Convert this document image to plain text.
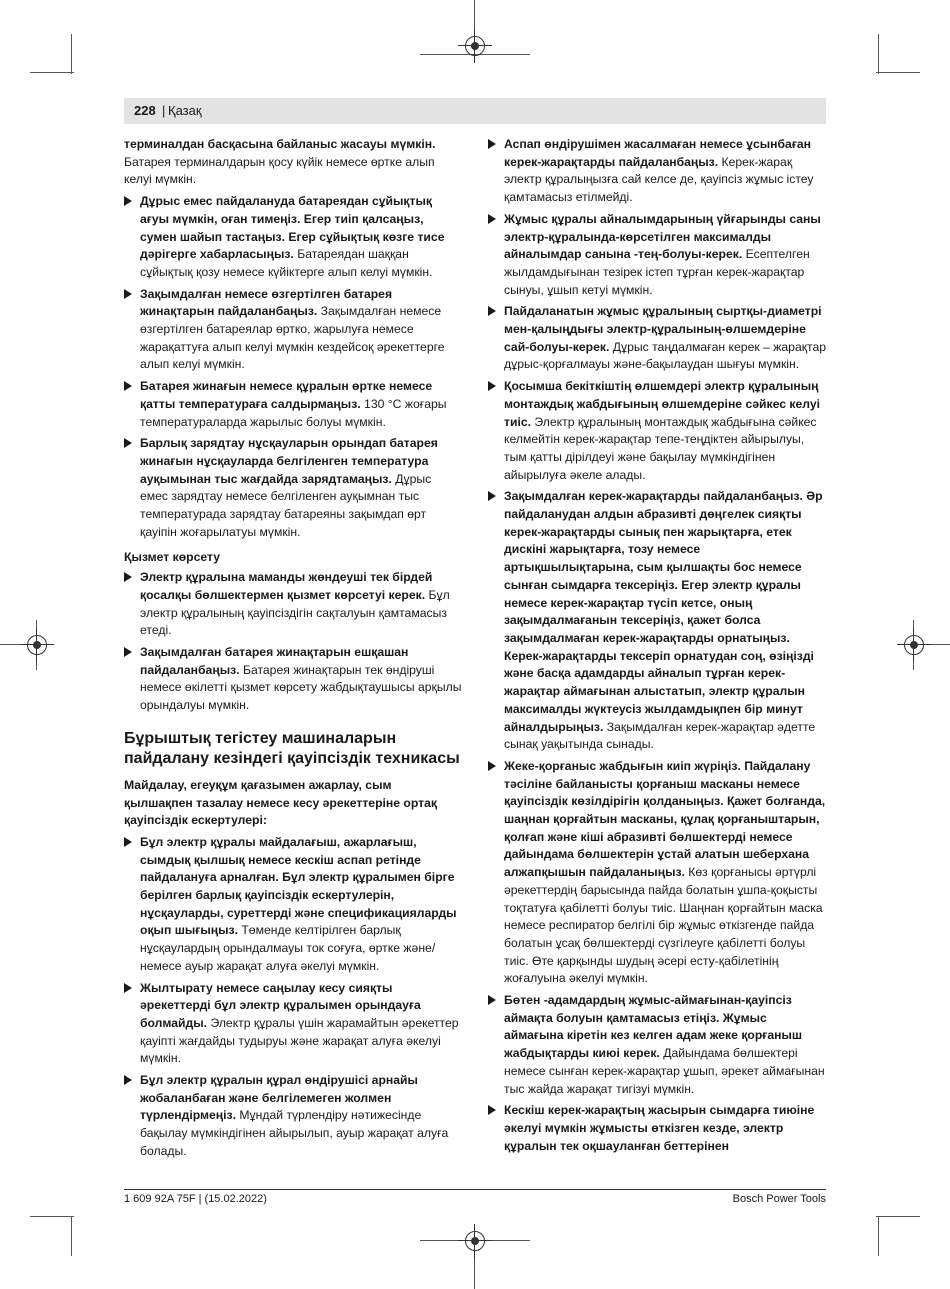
228 | Қазақ

терминалдан басқасына байланыс жасауы мүмкін. Батарея терминалдарын қосу күйік немесе өртке алып келуі мүмкін.

Дұрыс емес пайдалануда батареядан сұйықтық ағуы мүмкін, оған тимеңіз. Егер тиіп қалсаңыз, сумен шайып тастаңыз. Егер сұйықтық көзге тисе дәрігерге хабарласыңыз. Батареядан шаққан сұйықтық қозу немесе күйіктерге алып келуі мүмкін.
Зақымдалған немесе өзгертілген батарея жинақтарын пайдаланбаңыз. Зақымдалған немесе өзгертілген батареялар өртко, жарылуға немесе жарақаттуға алып келуі мүмкін кездейсоқ әрекеттерге алып келуі мүмкін.
Батарея жинағын немесе құралын өртке немесе қатты температураға салдырмаңыз. 130 °C жоғары температураларда жарылыс болуы мүмкін.
Барлық зарядтау нұсқауларын орындап батарея жинағын нұсқауларда белгіленген температура ауқымынан тыс жағдайда зарядтамаңыз. Дұрыс емес зарядтау немесе белгіленген ауқымнан тыс температурада зарядтау батареяны зақымдап өрт қауіпін жоғарылатуы мүмкін.
Қызмет көрсету
Электр құралына маманды жөндеуші тек бірдей қосалқы бөлшектермен қызмет көрсетуі керек. Бұл электр құралының қауіпсіздігін сақталуын қамтамасыз етеді.
Зақымдалған батарея жинақтарын ешқашан пайдаланбаңыз. Батарея жинақтарын тек өндіруші немесе өкілетті қызмет көрсету жабдықтаушысы арқылы орындалуы мүмкін.
Бұрыштық тегістеу машиналарын пайдалану кезіндегі қауіпсіздік техникасы
Майдалау, егеуқұм қағазымен ажарлау, сым қылшақпен тазалау немесе кесу әрекеттеріне ортақ қауіпсіздік ескертулері:
Бұл электр құралы майдалағыш, ажарлағыш, сымдық қылшық немесе кескіш аспап ретінде пайдалануға арналған. Бұл электр құралымен бірге берілген барлық қауіпсіздік ескертулерін, нұсқауларды, суреттерді және спецификацияларды оқып шығыңыз. Төменде келтірілген барлық нұсқаулардың орындалмауы ток соғуға, өртке және/немесе ауыр жарақат алуға әкелуі мүмкін.
Жылтырату немесе саңылау кесу сияқты әрекеттерді бұл электр құралымен орындауға болмайды. Электр құралы үшін жарамайтын әрекеттер қауіпті жағдайды тудыруы және жарақат алуға әкелуі мүмкін.
Бұл электр құралын құрал өндірушісі арнайы жобаланбаған және белгілемеген жолмен түрлендірмеңіз. Мұндай түрлендіру нәтижесінде бақылау мүмкіндігінен айырылып, ауыр жарақат алуға болады.
Аспап өндірушімен жасалмаған немесе ұсынбаған керек-жарақтарды пайдаланбаңыз. Керек-жарақ электр құралыңызға сай келсе де, қауіпсіз жұмыс істеу қамтамасыз етілмейді.
Жұмыс құралы айналымдарының үйғарынды саны электр-құралында-көрсетілген максималды айналымдар санына -тең-болуы-керек. Есептелген жылдамдығынан тезірек істеп тұрған керек-жарақтар сынуы, ұшып кетуі мүмкін.
Пайдаланатын жұмыс құралының сыртқы-диаметрі мен-қалыңдығы электр-құралының-өлшемдеріне сай-болуы-керек. Дұрыс таңдалмаған керек – жарақтар дұрыс-қорғалмауы және-бақылаудан шығуы мүмкін.
Қосымша бекіткіштің өлшемдері электр құралының монтаждық жабдығының өлшемдеріне сәйкес келуі тиіс. Электр құралының монтаждық жабдығына сәйкес келмейтін керек-жарақтар тепе-теңдіктен айырылуы, тым қатты дірілдеуі және бақылау мүмкіндігінен айырылуға әкеле алады.
Зақымдалған керек-жарақтарды пайдаланбаңыз. Әр пайдаланудан алдын абразивті дөңгелек сияқты керек-жарақтарды сынық пен жарықтарға, етек дискіні жарықтарға, тозу немесе артықшылықтарына, сым қылшақты бос немесе сынған сымдарға тексеріңіз. Егер электр құралы немесе керек-жарақтар түсіп кетсе, оның зақымдалмағанын тексеріңіз, қажет болса зақымдалмаған керек-жарақтарды орнатыңыз. Керек-жарақтарды тексеріп орнатудан соң, өзіңізді және басқа адамдарды айналып тұрған керек-жарақтар аймағынан алыстатып, электр құралын максималды жүктеусіз жылдамдықпен бір минут айналдырыңыз. Зақымдалған керек-жарақтар әдетте сынақ уақытында сынады.
Жеке-қорғаныс жабдығын киіп жүріңіз. Пайдалану тәсіліне байланысты қорғаныш масканы немесе қауіпсіздік көзілдірігін қолданыңыз. Қажет болғанда, шаңнан қорғайтын масканы, құлақ қорғаныштарын, қолғап және кіші абразивті бөлшектерді немесе дайындама бөлшектерін ұстай алатын шеберхана алжапқышын пайдаланыңыз. Көз қорғанысы әртүрлі әрекеттердің барысында пайда болатын ұшпа-қоқысты тоқтатуға қабілетті болуы тиіс. Шаңнан қорғайтын маска немесе респиратор белгілі бір жұмыс өткізгенде пайда болатын ұсақ бөлшектерді сүзгілеуге қабілетті болуы тиіс. Өте қарқынды шудың әсері есту-қабілетінің жоғалуына әкелуі мүмкін.
Бөтен -адамдардың жұмыс-аймағынан-қауіпсіз аймақта болуын қамтамасыз етіңіз. Жұмыс аймағына кіретін кез келген адам жеке қорғаныш жабдықтарды киюі керек. Дайындама бөлшектері немесе сынған керек-жарақтар ұшып, әрекет аймағынан тыс жайда жарақат тигізуі мүмкін.
Кескіш керек-жарақтың жасырын сымдарға тиюіне әкелуі мүмкін жұмысты өткізген кезде, электр құралын тек оқшауланған беттерінен
1 609 92A 75F | (15.02.2022)	Bosch Power Tools
